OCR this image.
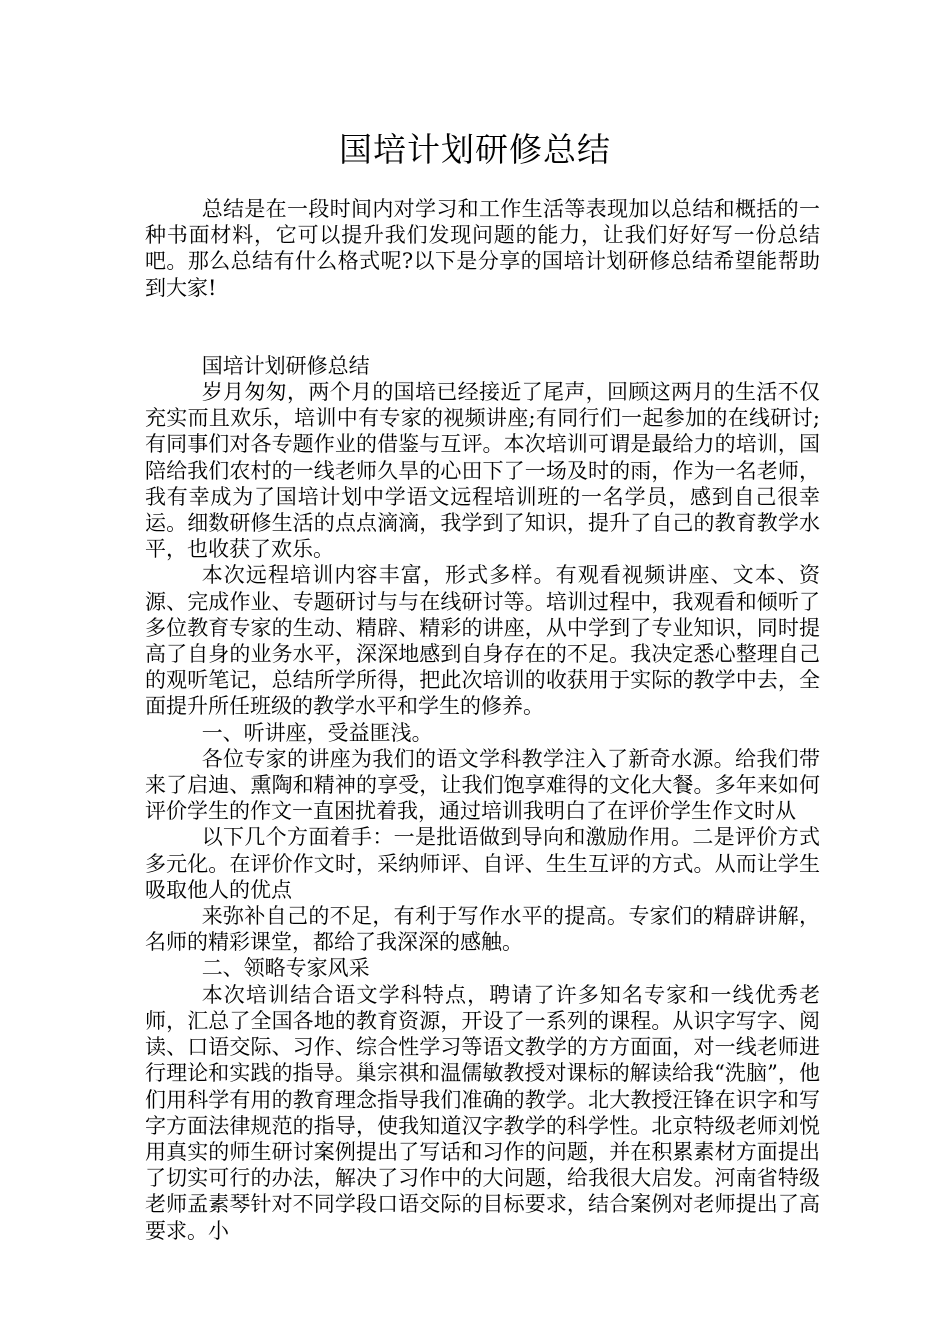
国培计划研修总结

总结是在一段时间内对学习和工作生活等表现加以总结和概括的一种书面材料，它可以提升我们发现问题的能力，让我们好好写一份总结吧。那么总结有什么格式呢?以下是分享的国培计划研修总结希望能帮助到大家!

国培计划研修总结

岁月匆匆，两个月的国培已经接近了尾声，回顾这两月的生活不仅充实而且欢乐，培训中有专家的视频讲座;有同行们一起参加的在线研讨;有同事们对各专题作业的借鉴与互评。本次培训可谓是最给力的培训，国陪给我们农村的一线老师久旱的心田下了一场及时的雨，作为一名老师，我有幸成为了国培计划中学语文远程培训班的一名学员，感到自己很幸运。细数研修生活的点点滴滴，我学到了知识，提升了自己的教育教学水平，也收获了欢乐。

本次远程培训内容丰富，形式多样。有观看视频讲座、文本、资源、完成作业、专题研讨与与在线研讨等。培训过程中，我观看和倾听了多位教育专家的生动、精辟、精彩的讲座，从中学到了专业知识，同时提高了自身的业务水平，深深地感到自身存在的不足。我决定悉心整理自己的观听笔记，总结所学所得，把此次培训的收获用于实际的教学中去，全面提升所任班级的教学水平和学生的修养。

一、听讲座，受益匪浅。

各位专家的讲座为我们的语文学科教学注入了新奇水源。给我们带来了启迪、熏陶和精神的享受，让我们饱享难得的文化大餐。多年来如何评价学生的作文一直困扰着我，通过培训我明白了在评价学生作文时从

以下几个方面着手：一是批语做到导向和激励作用。二是评价方式多元化。在评价作文时，采纳师评、自评、生生互评的方式。从而让学生吸取他人的优点

来弥补自己的不足，有利于写作水平的提高。专家们的精辟讲解，名师的精彩课堂，都给了我深深的感触。

二、领略专家风采

本次培训结合语文学科特点，聘请了许多知名专家和一线优秀老师，汇总了全国各地的教育资源，开设了一系列的课程。从识字写字、阅读、口语交际、习作、综合性学习等语文教学的方方面面，对一线老师进行理论和实践的指导。巢宗祺和温儒敏教授对课标的解读给我“洗脑”，他们用科学有用的教育理念指导我们准确的教学。北大教授汪锋在识字和写字方面法律规范的指导，使我知道汉字教学的科学性。北京特级老师刘悦用真实的师生研讨案例提出了写话和习作的问题，并在积累素材方面提出了切实可行的办法，解决了习作中的大问题，给我很大启发。河南省特级老师孟素琴针对不同学段口语交际的目标要求，结合案例对老师提出了高要求。小
